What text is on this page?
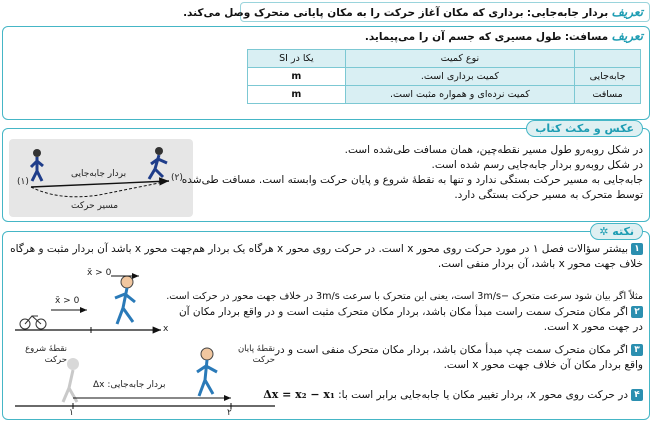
تعریف بردار جابه‌جایی: برداری که مکان آغاز حرکت را به مکان پایانی متحرک وصل می‌کند.
تعریف مسافت: طول مسیری که جسم آن را می‌پیماید.
	نوع کمیت	یکا در SI
جابه‌جایی	کمیت برداری است.	m
مسافت	کمیت نرده‌ای و همواره مثبت است.	m
عکس و مکث کتاب
(۱)	(۲)
بردار جابه‌جایی
مسیر حرکت
در شکل روبه‌رو طول مسیر نقطه‌چین، همان مسافت طی‌شده است.
در شکل روبه‌رو بردار جابه‌جایی رسم شده است.
جابه‌جایی به مسیر حرکت بستگی ندارد و تنها به نقطهٔ شروع و پایان حرکت وابسته است. مسافت طی‌شده
توسط متحرک به مسیر حرکت بستگی دارد.
✲ نکته
۱بیشتر سؤالات فصل ۱ در مورد حرکت روی محور x است. در حرکت روی محور x هرگاه یک بردار هم‌جهت محور x باشد آن بردار مثبت و هرگاه
خلاف جهت محور x باشد، آن بردار منفی است.
مثلاً اگر بیان شود سرعت متحرک −3m/s است، یعنی این متحرک با سرعت 3m/s در خلاف جهت محور در حرکت است.
۲اگر مکان متحرک سمت راست مبدأ مکان باشد، بردار مکان متحرک مثبت است و در واقع بردار مکان آن
در جهت محور x است.
۳اگر مکان متحرک سمت چپ مبدأ مکان باشد، بردار مکان متحرک منفی است و در
واقع بردار مکان آن خلاف جهت محور x است.
۴در حرکت روی محور x، بردار تغییر مکان یا جابه‌جایی برابر است با: Δx = x₂ − x₁
x̄ > 0
x̄ > 0
x
نقطهٔ شروع حرکت
نقطهٔ پایان حرکت
بردار جابه‌جایی: Δx
۱	۲
